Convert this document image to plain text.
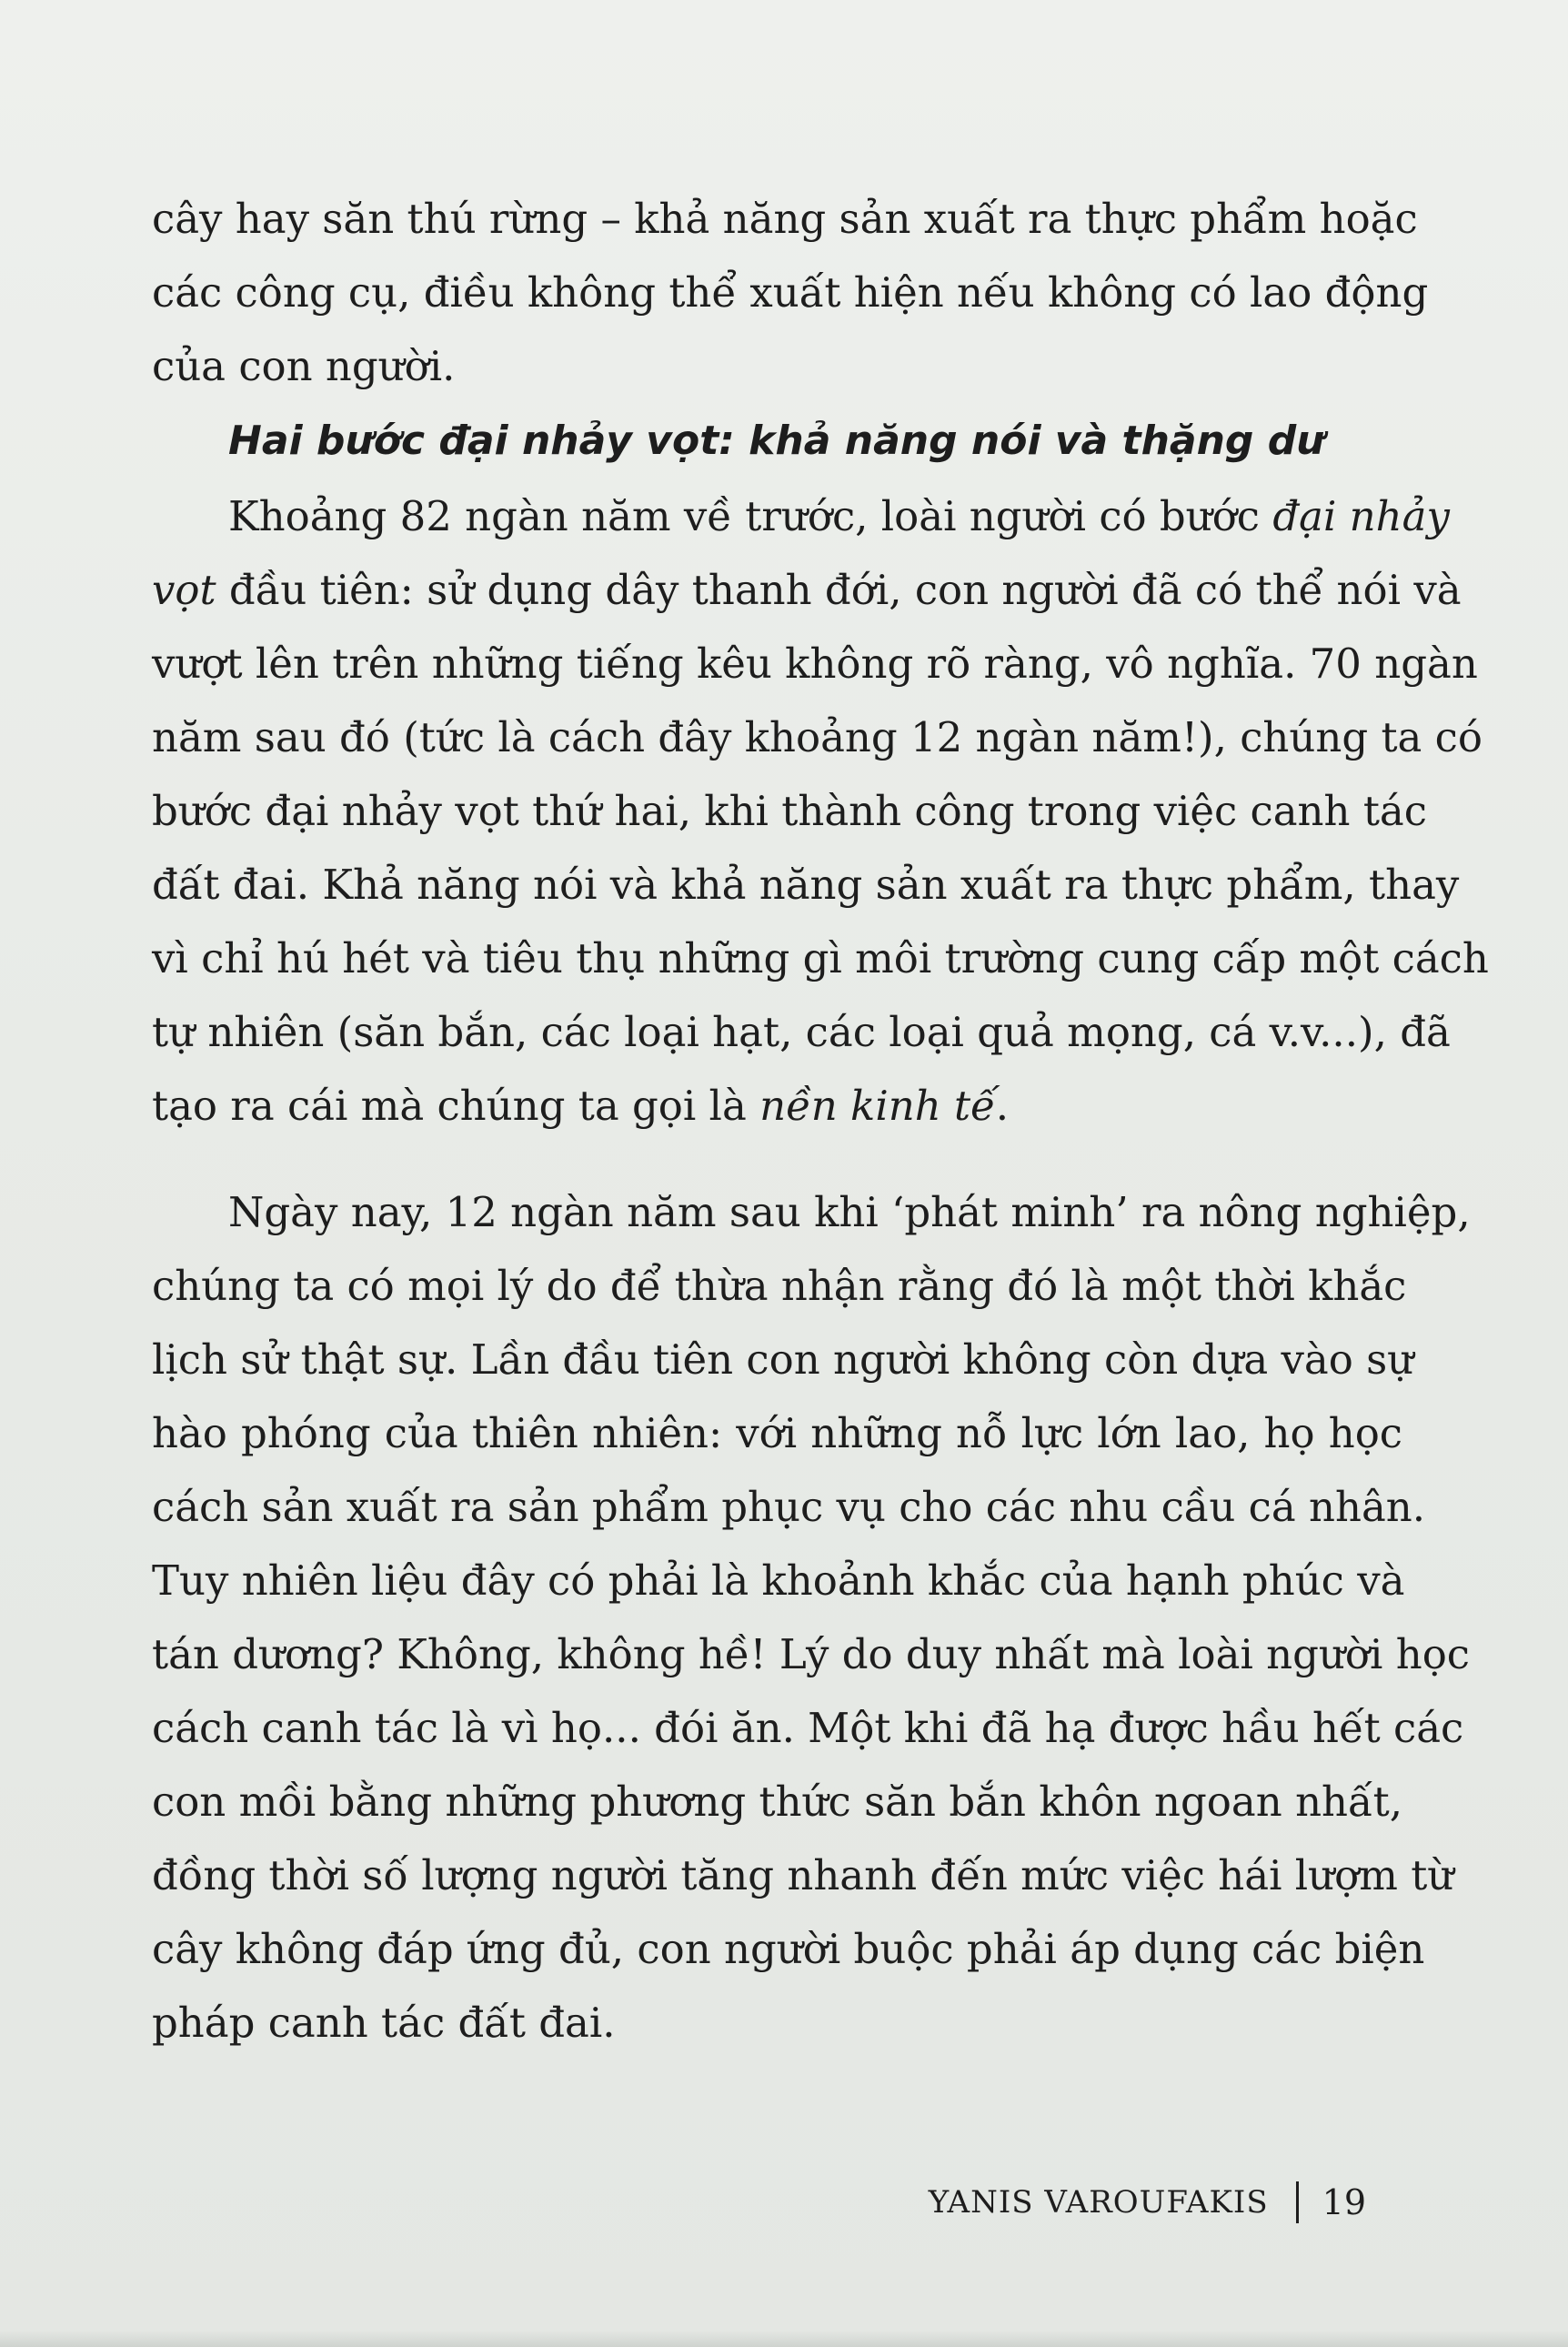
cây hay săn thú rừng – khả năng sản xuất ra thực phẩm hoặc
các công cụ, điều không thể xuất hiện nếu không có lao động
của con người.
Hai bước đại nhảy vọt: khả năng nói và thặng dư
Khoảng 82 ngàn năm về trước, loài người có bước đại nhảy
vọt đầu tiên: sử dụng dây thanh đới, con người đã có thể nói và
vượt lên trên những tiếng kêu không rõ ràng, vô nghĩa. 70 ngàn
năm sau đó (tức là cách đây khoảng 12 ngàn năm!), chúng ta có
bước đại nhảy vọt thứ hai, khi thành công trong việc canh tác
đất đai. Khả năng nói và khả năng sản xuất ra thực phẩm, thay
vì chỉ hú hét và tiêu thụ những gì môi trường cung cấp một cách
tự nhiên (săn bắn, các loại hạt, các loại quả mọng, cá v.v...), đã
tạo ra cái mà chúng ta gọi là nền kinh tế.
Ngày nay, 12 ngàn năm sau khi ‘phát minh’ ra nông nghiệp,
chúng ta có mọi lý do để thừa nhận rằng đó là một thời khắc
lịch sử thật sự. Lần đầu tiên con người không còn dựa vào sự
hào phóng của thiên nhiên: với những nỗ lực lớn lao, họ học
cách sản xuất ra sản phẩm phục vụ cho các nhu cầu cá nhân.
Tuy nhiên liệu đây có phải là khoảnh khắc của hạnh phúc và
tán dương? Không, không hề! Lý do duy nhất mà loài người học
cách canh tác là vì họ... đói ăn. Một khi đã hạ được hầu hết các
con mồi bằng những phương thức săn bắn khôn ngoan nhất,
đồng thời số lượng người tăng nhanh đến mức việc hái lượm từ
cây không đáp ứng đủ, con người buộc phải áp dụng các biện
pháp canh tác đất đai.
YANIS VAROUFAKIS 19
